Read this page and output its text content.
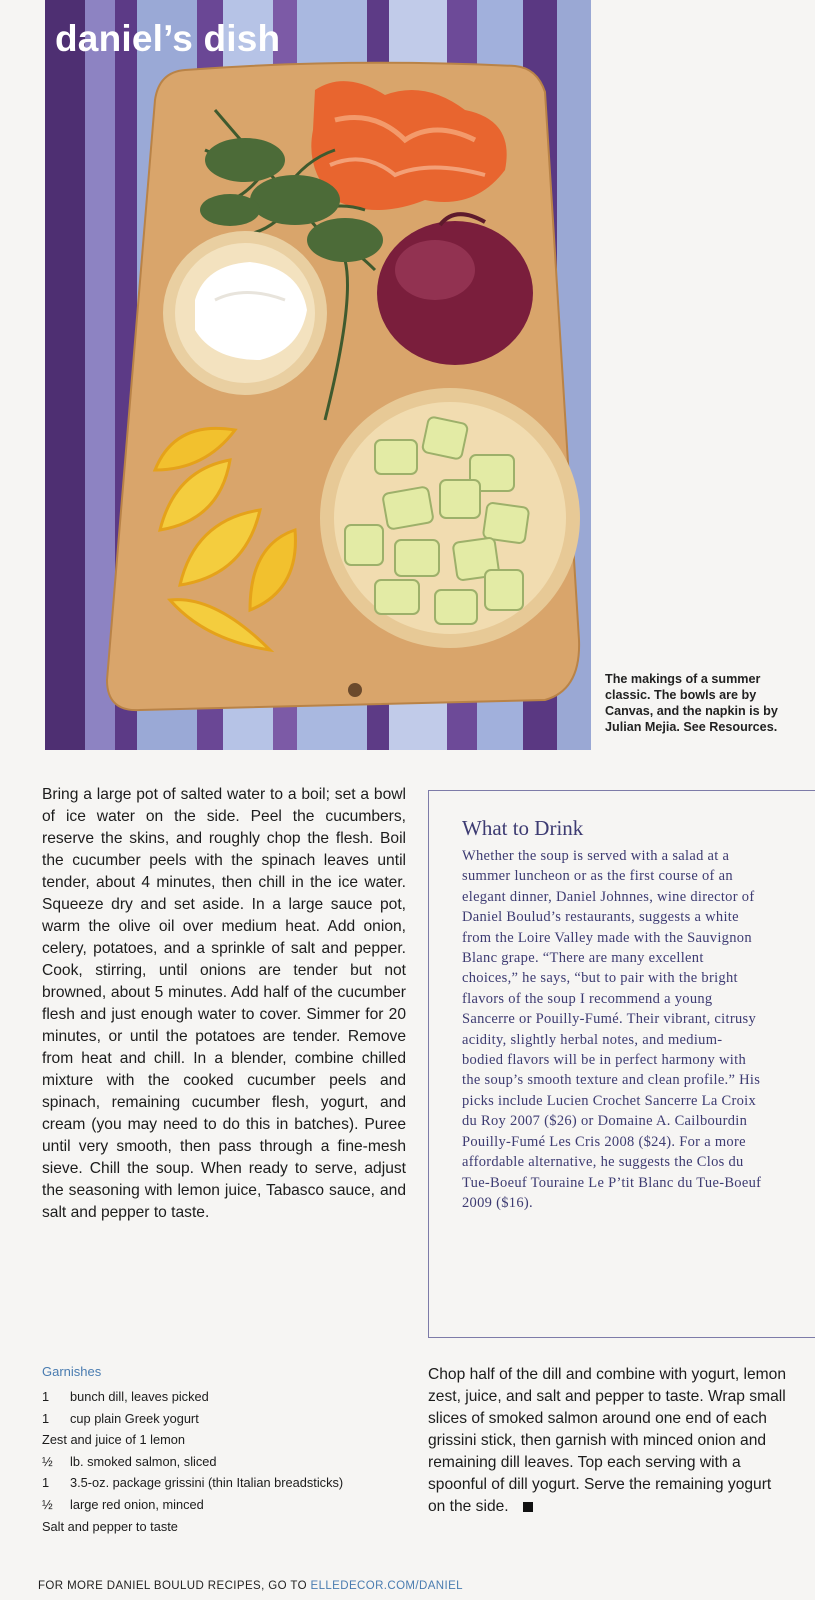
daniel’s dish
The makings of a summer classic. The bowls are by Canvas, and the napkin is by Julian Mejia. See Resources.
Bring a large pot of salted water to a boil; set a bowl of ice water on the side. Peel the cucumbers, reserve the skins, and roughly chop the flesh. Boil the cucumber peels with the spinach leaves until tender, about 4 minutes, then chill in the ice water. Squeeze dry and set aside. In a large sauce pot, warm the olive oil over medium heat. Add onion, celery, potatoes, and a sprinkle of salt and pepper. Cook, stirring, until onions are tender but not browned, about 5 minutes. Add half of the cucumber flesh and just enough water to cover. Simmer for 20 minutes, or until the potatoes are tender. Remove from heat and chill. In a blender, combine chilled mixture with the cooked cucumber peels and spinach, remaining cucumber flesh, yogurt, and cream (you may need to do this in batches). Puree until very smooth, then pass through a fine-mesh sieve. Chill the soup. When ready to serve, adjust the seasoning with lemon juice, Tabasco sauce, and salt and pepper to taste.
What to Drink
Whether the soup is served with a salad at a summer luncheon or as the first course of an elegant dinner, Daniel Johnnes, wine director of Daniel Boulud’s restaurants, suggests a white from the Loire Valley made with the Sauvignon Blanc grape. “There are many excellent choices,” he says, “but to pair with the bright flavors of the soup I recommend a young Sancerre or Pouilly-Fumé. Their vibrant, citrusy acidity, slightly herbal notes, and medium-bodied flavors will be in perfect harmony with the soup’s smooth texture and clean profile.” His picks include Lucien Crochet Sancerre La Croix du Roy 2007 ($26) or Domaine A. Cailbourdin Pouilly-Fumé Les Cris 2008 ($24). For a more affordable alternative, he suggests the Clos du Tue-Boeuf Touraine Le P’tit Blanc du Tue-Boeuf 2009 ($16).
Garnishes
1	bunch dill, leaves picked
1	cup plain Greek yogurt
Zest and juice of 1 lemon
½	lb. smoked salmon, sliced
1	3.5-oz. package grissini (thin Italian breadsticks)
½	large red onion, minced
Salt and pepper to taste
Chop half of the dill and combine with yogurt, lemon zest, juice, and salt and pepper to taste. Wrap small slices of smoked salmon around one end of each grissini stick, then garnish with minced onion and remaining dill leaves. Top each serving with a spoonful of dill yogurt. Serve the remaining yogurt on the side.
FOR MORE DANIEL BOULUD RECIPES, GO TO ELLEDECOR.COM/DANIEL
